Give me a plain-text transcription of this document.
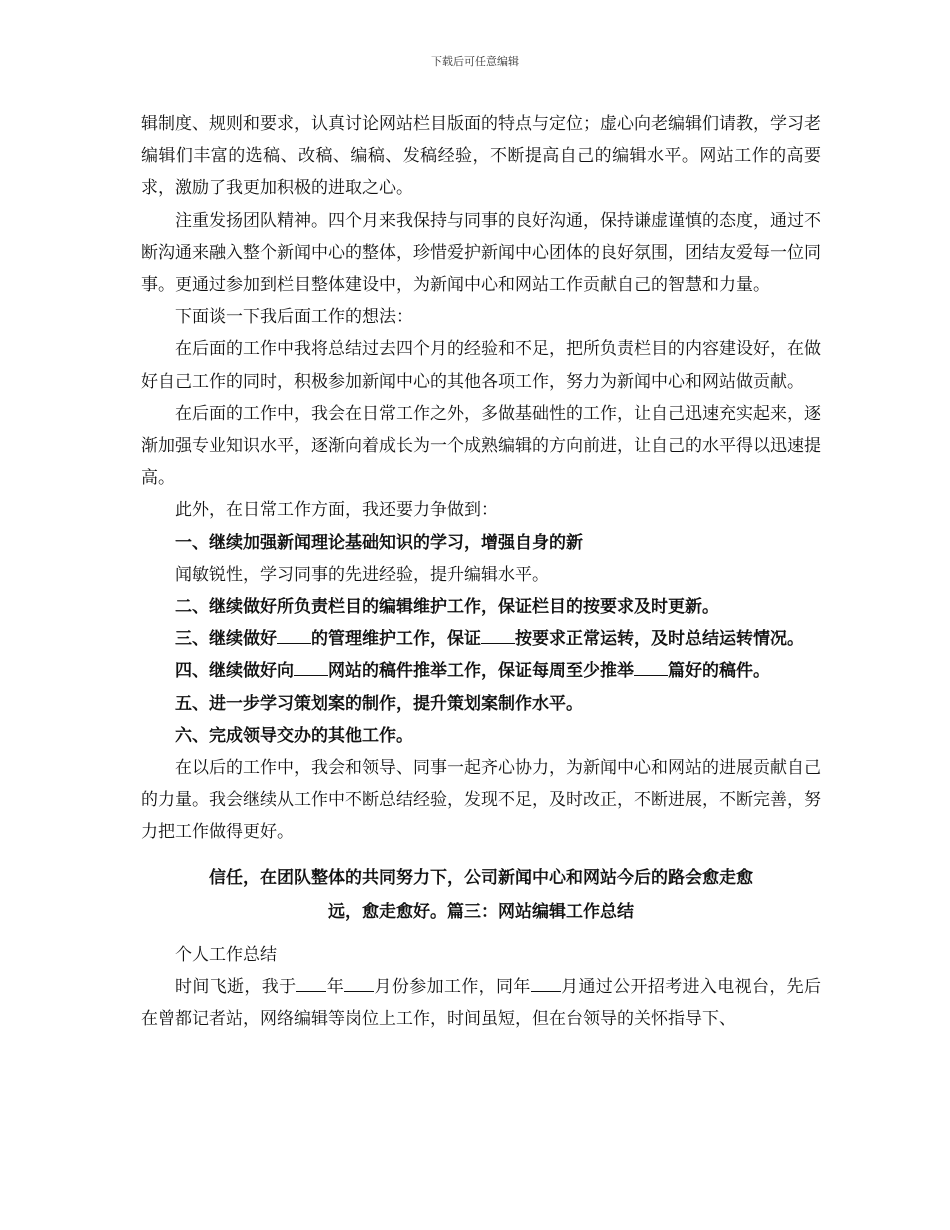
下载后可任意编辑

辑制度、规则和要求，认真讨论网站栏目版面的特点与定位；虚心向老编辑们请教，学习老编辑们丰富的选稿、改稿、编稿、发稿经验，不断提高自己的编辑水平。网站工作的高要求，激励了我更加积极的进取之心。

注重发扬团队精神。四个月来我保持与同事的良好沟通，保持谦虚谨慎的态度，通过不断沟通来融入整个新闻中心的整体，珍惜爱护新闻中心团体的良好氛围，团结友爱每一位同事。更通过参加到栏目整体建设中，为新闻中心和网站工作贡献自己的智慧和力量。

下面谈一下我后面工作的想法：

在后面的工作中我将总结过去四个月的经验和不足，把所负责栏目的内容建设好，在做好自己工作的同时，积极参加新闻中心的其他各项工作，努力为新闻中心和网站做贡献。

在后面的工作中，我会在日常工作之外，多做基础性的工作，让自己迅速充实起来，逐渐加强专业知识水平，逐渐向着成长为一个成熟编辑的方向前进，让自己的水平得以迅速提高。

此外，在日常工作方面，我还要力争做到：

一、继续加强新闻理论基础知识的学习，增强自身的新

闻敏锐性，学习同事的先进经验，提升编辑水平。

二、继续做好所负责栏目的编辑维护工作，保证栏目的按要求及时更新。

三、继续做好 的管理维护工作，保证 按要求正常运转，及时总结运转情况。

四、继续做好向 网站的稿件推举工作，保证每周至少推举 篇好的稿件。

五、进一步学习策划案的制作，提升策划案制作水平。

六、完成领导交办的其他工作。

在以后的工作中，我会和领导、同事一起齐心协力，为新闻中心和网站的进展贡献自己的力量。我会继续从工作中不断总结经验，发现不足，及时改正，不断进展，不断完善，努力把工作做得更好。

信任，在团队整体的共同努力下，公司新闻中心和网站今后的路会愈走愈

远，愈走愈好。篇三：网站编辑工作总结

个人工作总结

时间飞逝，我于 年 月份参加工作，同年 月通过公开招考进入电视台，先后在曾都记者站，网络编辑等岗位上工作，时间虽短，但在台领导的关怀指导下、
